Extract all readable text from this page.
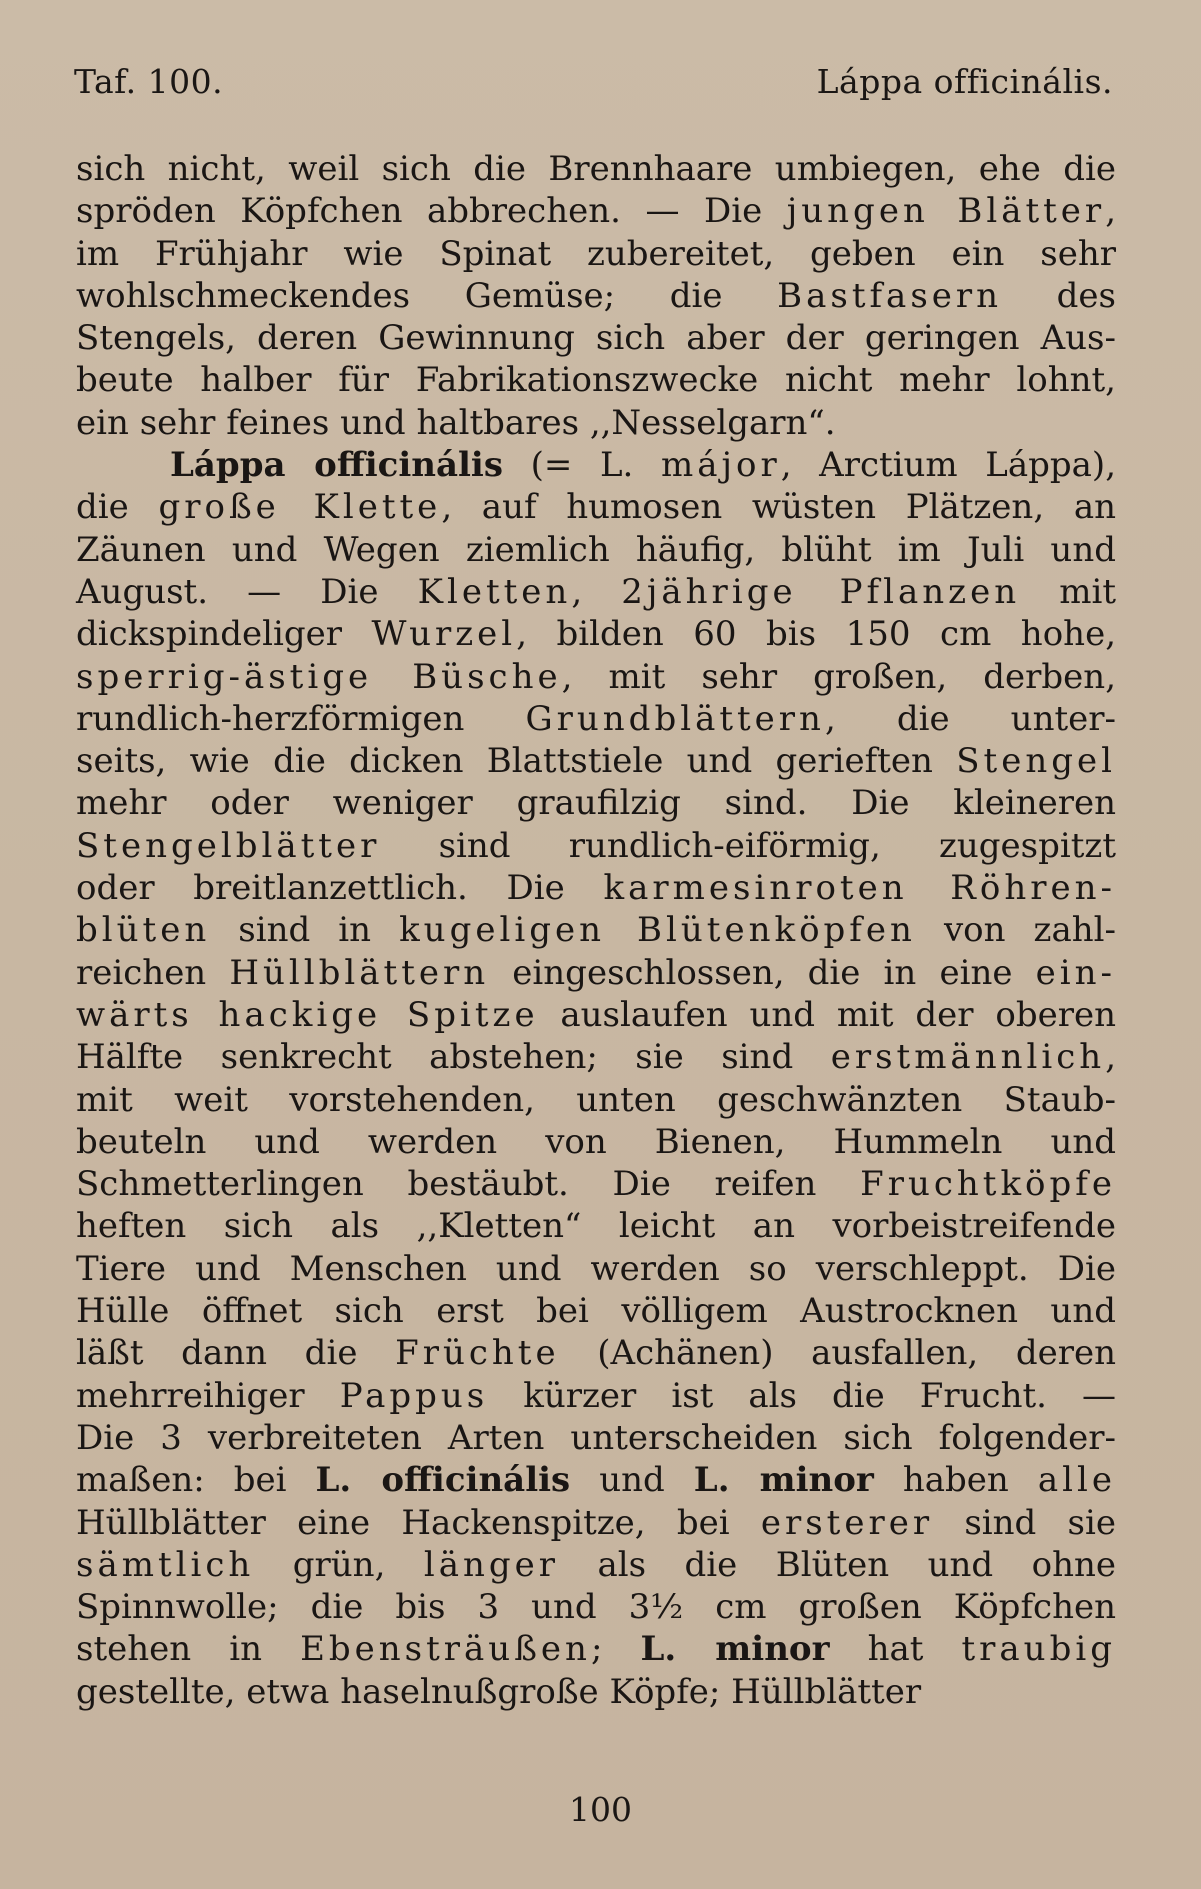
Taf. 100.	Láppa officinális.
sich nicht, weil sich die Brennhaare umbiegen, ehe die
spröden Köpfchen abbrechen. — Die jungen Blätter,
im Frühjahr wie Spinat zubereitet, geben ein sehr
wohlschmeckendes Gemüse; die Bastfasern des
Stengels, deren Gewinnung sich aber der geringen Aus-
beute halber für Fabrikationszwecke nicht mehr lohnt,
ein sehr feines und haltbares ,,Nesselgarn“.
Láppa officinális (= L. májor, Arctium Láppa),
die große Klette, auf humosen wüsten Plätzen, an
Zäunen und Wegen ziemlich häufig, blüht im Juli und
August. — Die Kletten, 2jährige Pflanzen mit
dickspindeliger Wurzel, bilden 60 bis 150 cm hohe,
sperrig-ästige Büsche, mit sehr großen, derben,
rundlich-herzförmigen Grundblättern, die unter-
seits, wie die dicken Blattstiele und gerieften Stengel
mehr oder weniger graufilzig sind. Die kleineren
Stengelblätter sind rundlich-eiförmig, zugespitzt
oder breitlanzettlich. Die karmesinroten Röhren-
blüten sind in kugeligen Blütenköpfen von zahl-
reichen Hüllblättern eingeschlossen, die in eine ein-
wärts hackige Spitze auslaufen und mit der oberen
Hälfte senkrecht abstehen; sie sind erstmännlich,
mit weit vorstehenden, unten geschwänzten Staub-
beuteln und werden von Bienen, Hummeln und
Schmetterlingen bestäubt. Die reifen Fruchtköpfe
heften sich als ,,Kletten“ leicht an vorbeistreifende
Tiere und Menschen und werden so verschleppt. Die
Hülle öffnet sich erst bei völligem Austrocknen und
läßt dann die Früchte (Achänen) ausfallen, deren
mehrreihiger Pappus kürzer ist als die Frucht. —
Die 3 verbreiteten Arten unterscheiden sich folgender-
maßen: bei L. officinális und L. minor haben alle
Hüllblätter eine Hackenspitze, bei ersterer sind sie
sämtlich grün, länger als die Blüten und ohne
Spinnwolle; die bis 3 und 3½ cm großen Köpfchen
stehen in Ebensträußen; L. minor hat traubig
gestellte, etwa haselnußgroße Köpfe; Hüllblätter
100
